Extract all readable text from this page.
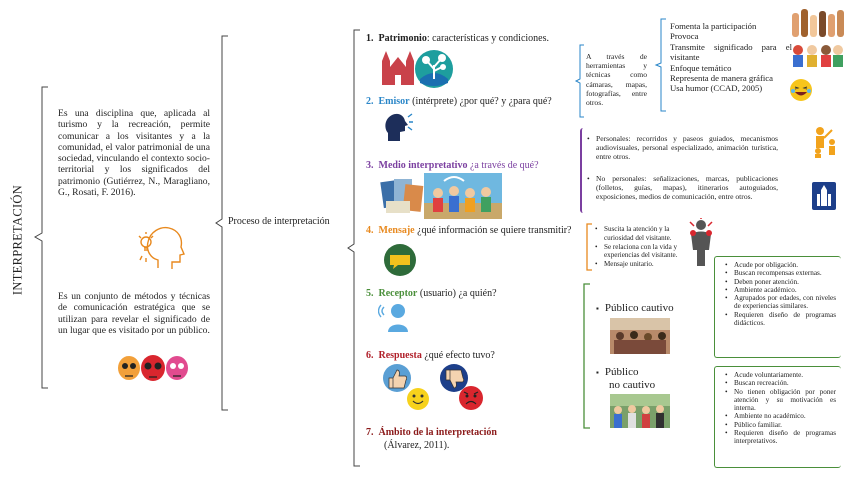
INTERPRETACIÓN
Es una disciplina que, aplicada al turismo y la recreación, permite comunicar a los visitantes y a la comunidad, el valor patrimonial de una sociedad, vinculando el contexto socio-territorial y los significados del patrimonio (Gutiérrez, N., Maragliano, G., Rosati, F. 2016).
Es un conjunto de métodos y técnicas de comunicación estratégica que se utilizan para revelar el significado de un lugar que es visitado por un público.
Proceso de interpretación
1. Patrimonio: características y condiciones.
2. Emisor (intérprete) ¿por qué? y ¿para qué?
3. Medio interpretativo ¿a través de qué?
4. Mensaje ¿qué información se quiere transmitir?
5. Receptor (usuario) ¿a quién?
6. Respuesta ¿qué efecto tuvo?
7. Ámbito de la interpretación
(Álvarez, 2011).
A través de herramientas y técnicas como cámaras, mapas, fotografías, entre otros.
Fomenta la participación
Provoca
Transmite significado para el visitante
Enfoque temático
Representa de manera gráfica
Usa humor (CCAD, 2005)
• Personales: recorridos y paseos guiados, mecanismos audiovisuales, personal especializado, animación turística, entre otros.
• No personales: señalizaciones, marcas, publicaciones (folletos, guías, mapas), itinerarios autoguiados, exposiciones, medios de comunicación, entre otros.
• Suscita la atención y la curiosidad del visitante.
• Se relaciona con la vida y experiencias del visitante.
• Mensaje unitario.
▪ Público cautivo
▪ Público
no cautivo
• Acude por obligación.
• Buscan recompensas externas.
• Deben poner atención.
• Ambiente académico.
• Agrupados por edades, con niveles de experiencias similares.
• Requieren diseño de programas didácticos.
• Acude voluntariamente.
• Buscan recreación.
• No tienen obligación por poner atención y su motivación es interna.
• Ambiente no académico.
• Público familiar.
• Requieren diseño de programas interpretativos.
